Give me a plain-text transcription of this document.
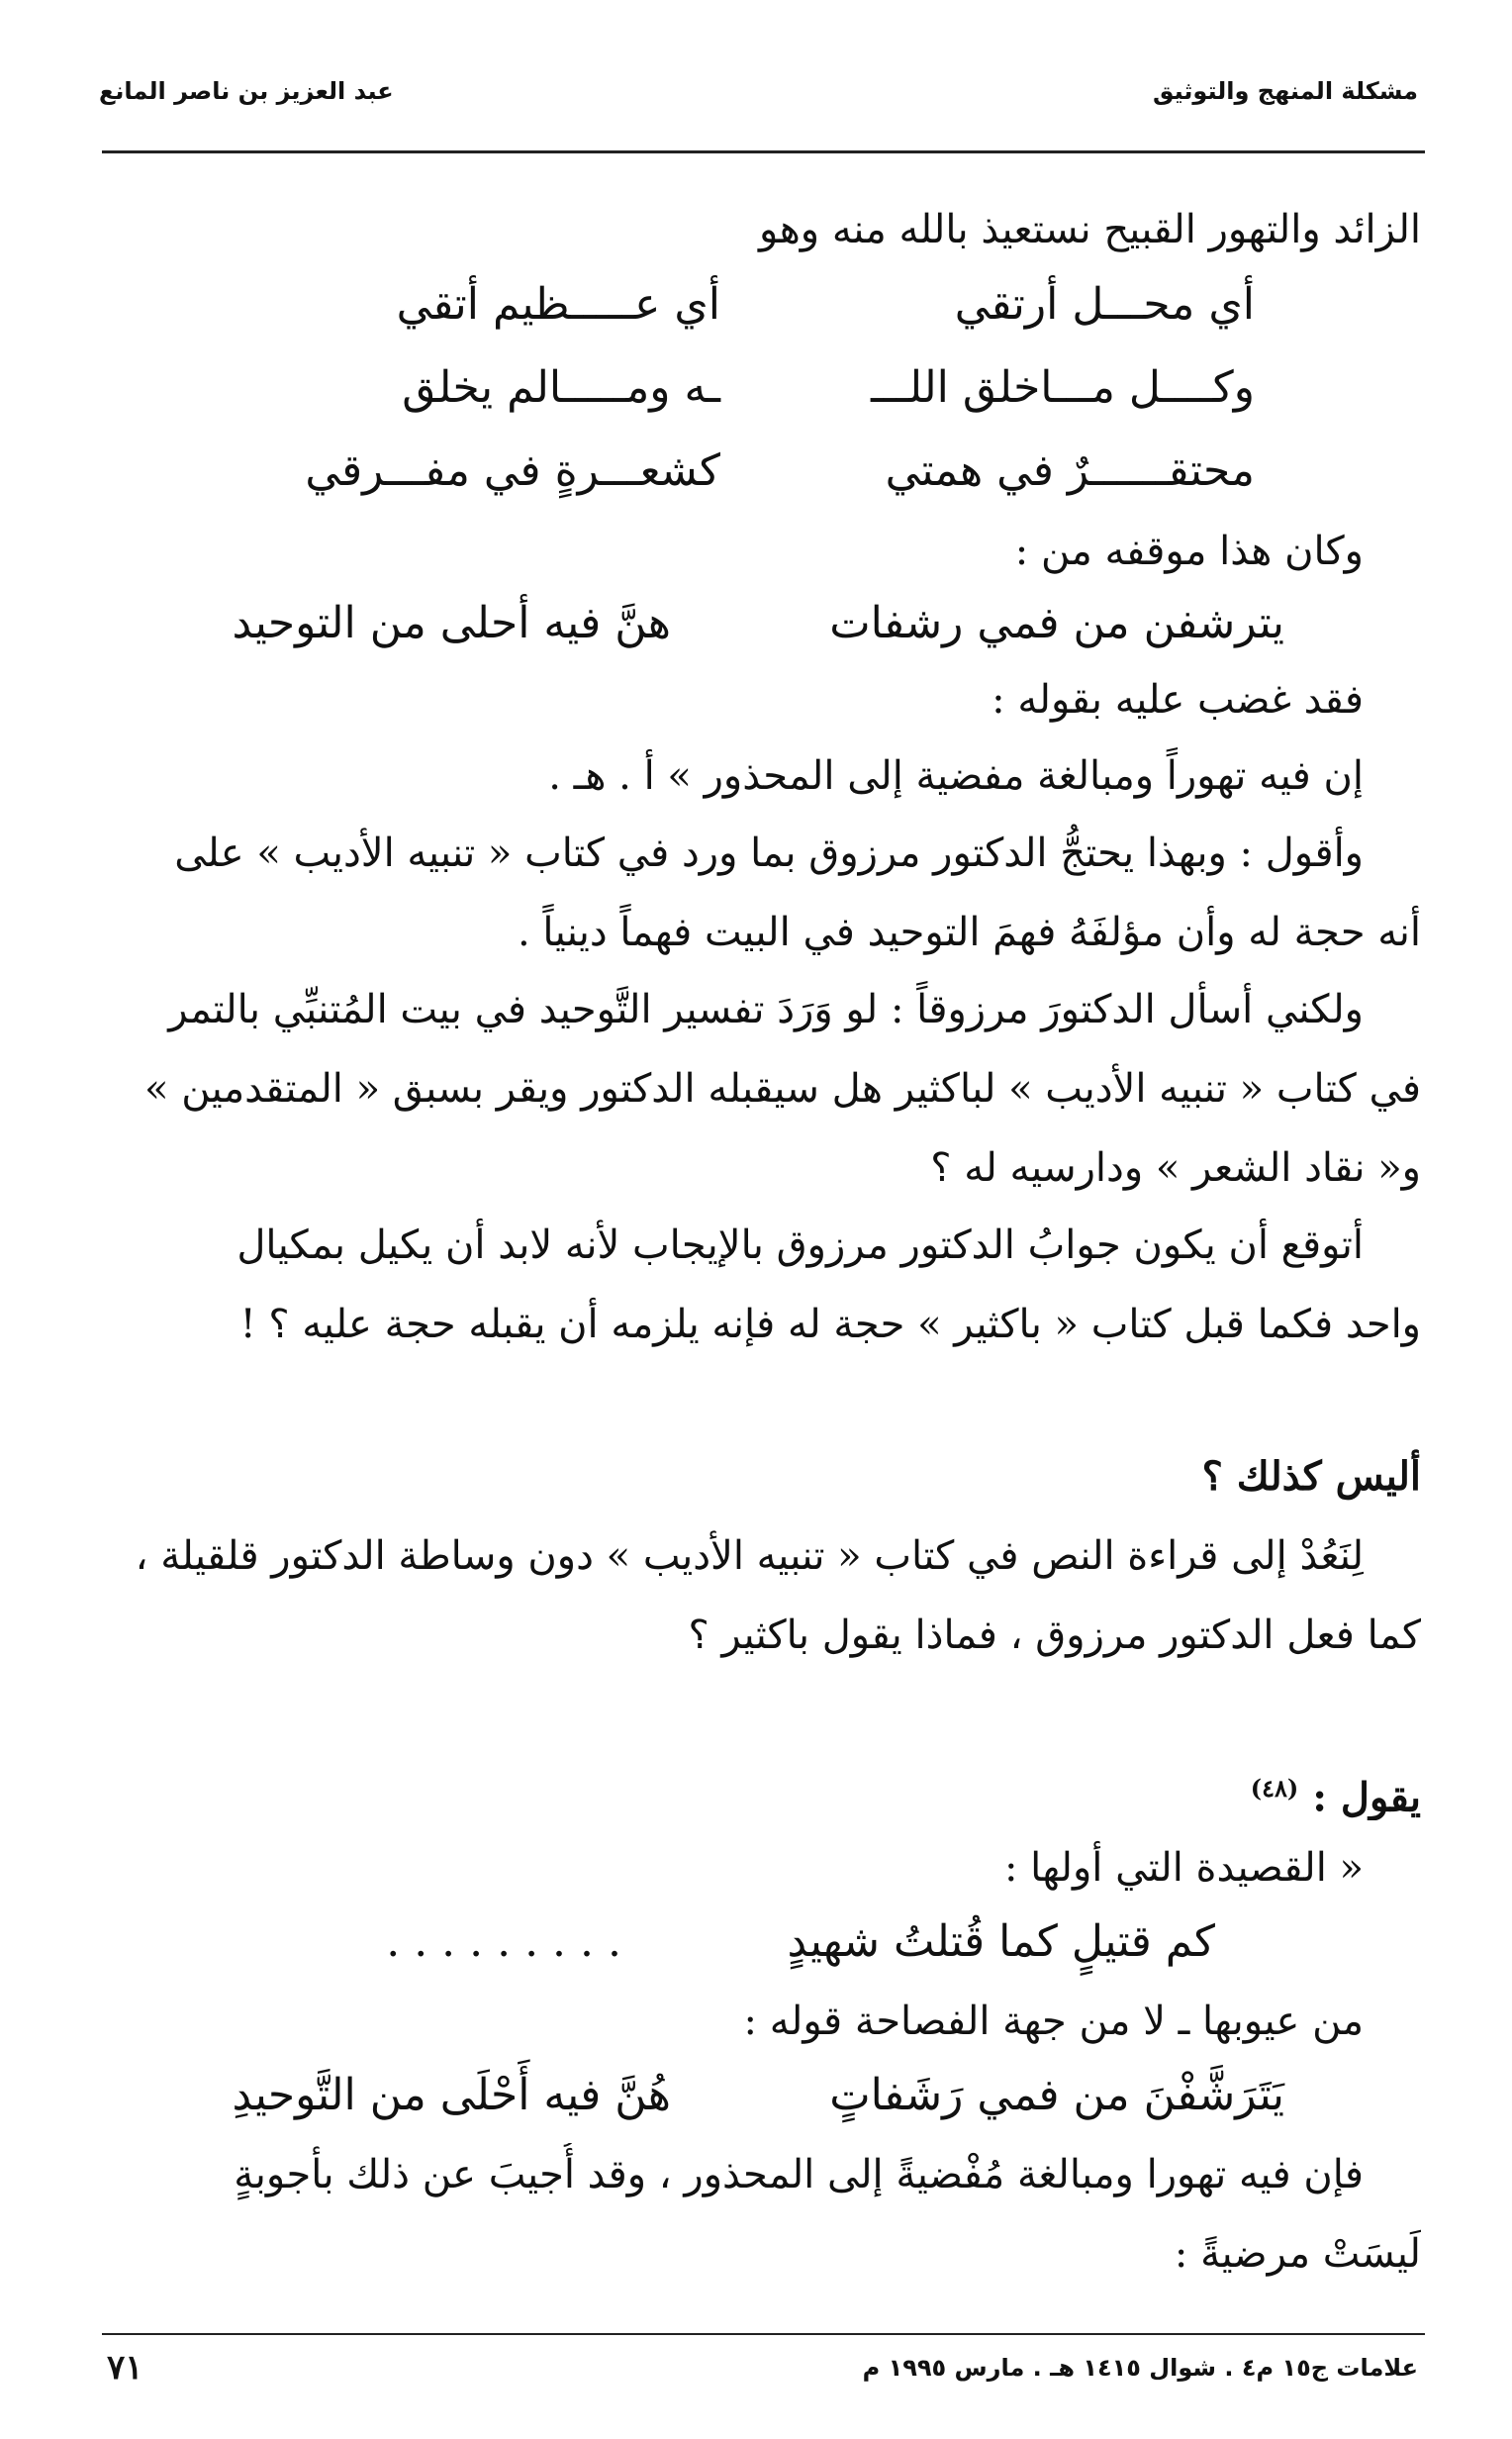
مشكلة المنهج والتوثيق
عبد العزيز بن ناصر المانع
الزائد والتهور القبيح نستعيذ بالله منه وهو
أي محـــل أرتقي
أي عـــــظيم أتقي
وكــــل مـــاخلق اللـــ
ـه ومـــــالم يخلق
محتقــــــرٌ في همتي
كشعـــرةٍ في مفـــرقي
وكان هذا موقفه من :
يترشفن من فمي رشفات
هنَّ فيه أحلى من التوحيد
فقد غضب عليه بقوله :
إن فيه تهوراً ومبالغة مفضية إلى المحذور » أ . هـ .
وأقول : وبهذا يحتجُّ الدكتور مرزوق بما ورد في كتاب « تنبيه الأديب » على
أنه حجة له وأن مؤلفَهُ فهمَ التوحيد في البيت فهماً دينياً .
ولكني أسأل الدكتورَ مرزوقاً : لو وَرَدَ تفسير التَّوحيد في بيت المُتنبِّي بالتمر
في كتاب « تنبيه الأديب » لباكثير هل سيقبله الدكتور ويقر بسبق « المتقدمين »
و« نقاد الشعر » ودارسيه له ؟
أتوقع أن يكون جوابُ الدكتور مرزوق بالإيجاب لأنه لابد أن يكيل بمكيال
واحد فكما قبل كتاب « باكثير » حجة له فإنه يلزمه أن يقبله حجة عليه ؟ !
أليس كذلك ؟
لِنَعُدْ إلى قراءة النص في كتاب « تنبيه الأديب » دون وساطة الدكتور قلقيلة ،
كما فعل الدكتور مرزوق ، فماذا يقول باكثير ؟
يقول : $^{(٤٨)}$
« القصيدة التي أولها :
كم قتيلٍ كما قُتلتُ شهيدٍ
. . . . . . . . .
من عيوبها ـ لا من جهة الفصاحة قوله :
يَتَرَشَّفْنَ من فمي رَشَفاتٍ
هُنَّ فيه أَحْلَى من التَّوحيدِ
فإن فيه تهورا ومبالغة مُفْضيةً إلى المحذور ، وقد أُجيبَ عن ذلك بأجوبةٍ
لَيسَتْ مرضيةً :
علامات ج١٥ م٤ . شوال ١٤١٥ هـ . مارس ١٩٩٥ م
٧١
